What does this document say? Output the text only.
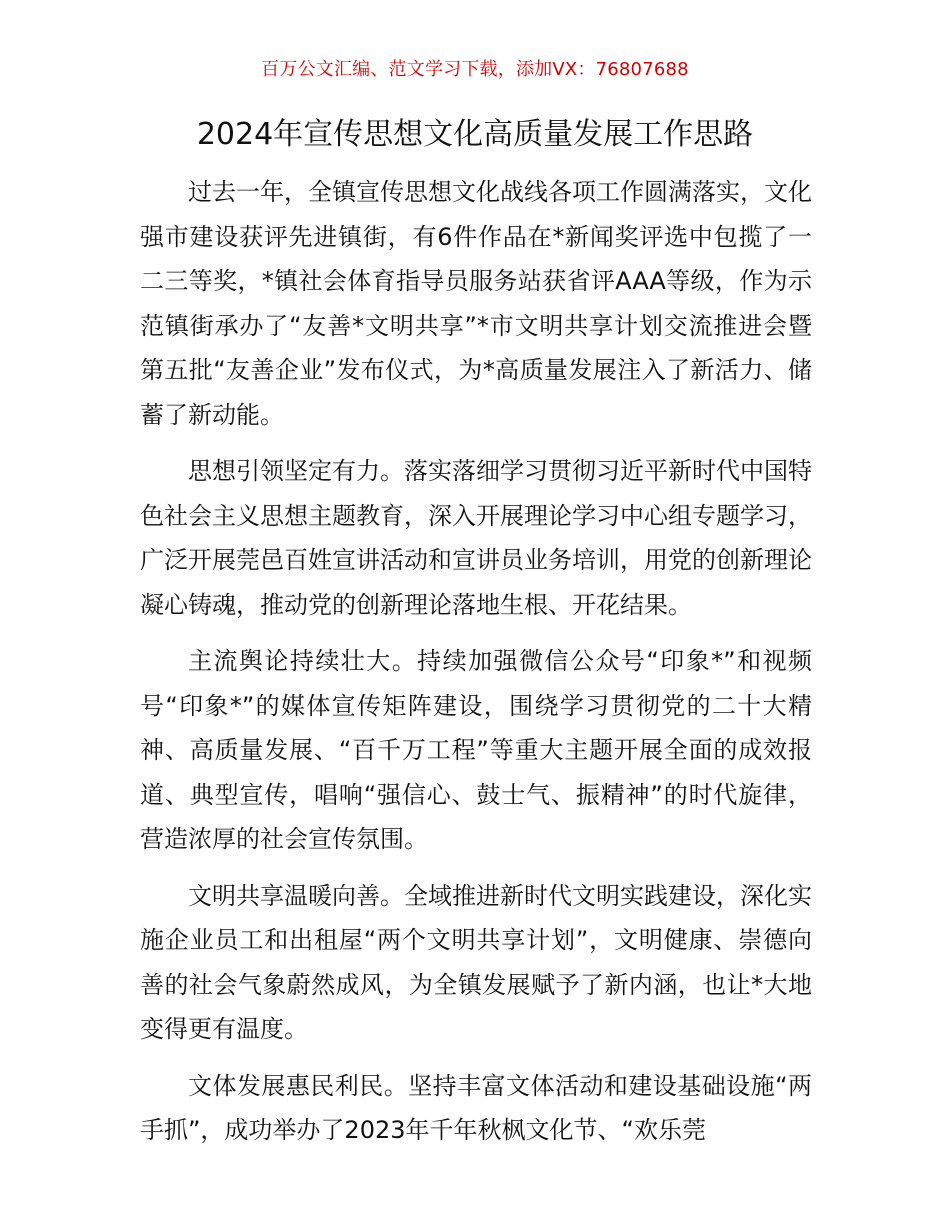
百万公文汇编、范文学习下载，添加VX：76807688
2024年宣传思想文化高质量发展工作思路

过去一年，全镇宣传思想文化战线各项工作圆满落实，文化强市建设获评先进镇街，有6件作品在*新闻奖评选中包揽了一二三等奖，*镇社会体育指导员服务站获省评AAA等级，作为示范镇街承办了“友善*文明共享”*市文明共享计划交流推进会暨第五批“友善企业”发布仪式，为*高质量发展注入了新活力、储蓄了新动能。

思想引领坚定有力。落实落细学习贯彻习近平新时代中国特色社会主义思想主题教育，深入开展理论学习中心组专题学习，广泛开展莞邑百姓宣讲活动和宣讲员业务培训，用党的创新理论凝心铸魂，推动党的创新理论落地生根、开花结果。

主流舆论持续壮大。持续加强微信公众号“印象*”和视频号“印象*”的媒体宣传矩阵建设，围绕学习贯彻党的二十大精神、高质量发展、“百千万工程”等重大主题开展全面的成效报道、典型宣传，唱响“强信心、鼓士气、振精神”的时代旋律，营造浓厚的社会宣传氛围。

文明共享温暖向善。全域推进新时代文明实践建设，深化实施企业员工和出租屋“两个文明共享计划”，文明健康、崇德向善的社会气象蔚然成风，为全镇发展赋予了新内涵，也让*大地变得更有温度。

文体发展惠民利民。坚持丰富文体活动和建设基础设施“两手抓”，成功举办了2023年千年秋枫文化节、“欢乐莞
